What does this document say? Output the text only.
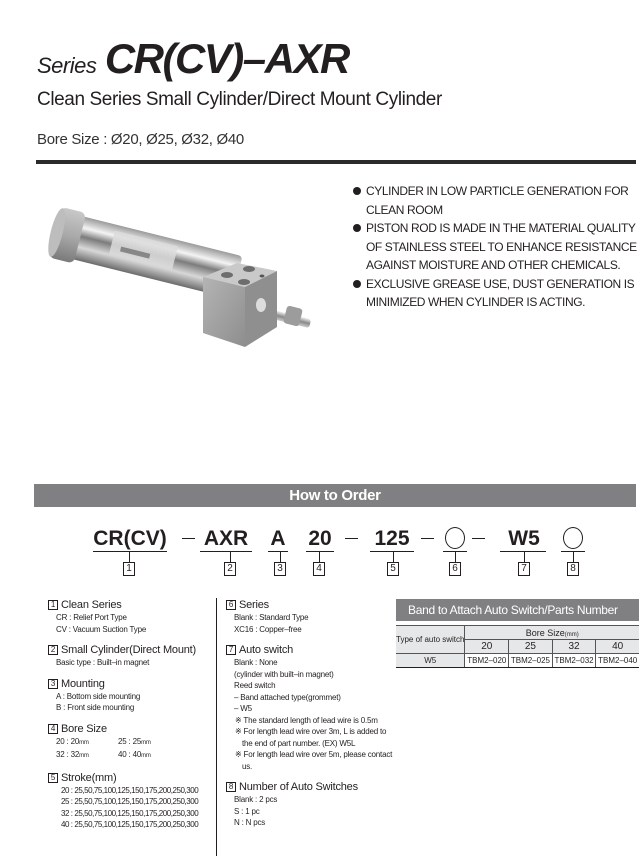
Series CR(CV)–AXR
Clean Series Small Cylinder/Direct Mount Cylinder
Bore Size : Ø20, Ø25, Ø32, Ø40
CYLINDER IN LOW PARTICLE GENERATION FOR CLEAN ROOM
PISTON ROD IS MADE IN THE MATERIAL QUALITY OF STAINLESS STEEL TO ENHANCE RESISTANCE AGAINST MOISTURE AND OTHER CHEMICALS.
EXCLUSIVE GREASE USE, DUST GENERATION IS MINIMIZED WHEN CYLINDER IS ACTING.
How to Order
CR(CV)
1
AXR
2
A
3
20
4
125
5	6
W5
7	8
1 Clean Series
CR : Relief Port Type
CV : Vacuum Suction Type
2 Small Cylinder(Direct Mount)
Basic type : Built–in magnet
3 Mounting
A : Bottom side mounting
B : Front side mounting
4 Bore Size
20 : 20mm	25 : 25mm
32 : 32mm	40 : 40mm
5 Stroke(mm)
20 : 25,50,75,100,125,150,175,200,250,300
25 : 25,50,75,100,125,150,175,200,250,300
32 : 25,50,75,100,125,150,175,200,250,300
40 : 25,50,75,100,125,150,175,200,250,300
6 Series
Blank : Standard Type
XC16 : Copper–free
7 Auto switch
Blank : None
(cylinder with built–in magnet)
Reed switch
– Band attached type(grommet)
– W5
※ The standard length of lead wire is 0.5m
※ For length lead wire over 3m, L is added to the end of part number. (EX) W5L
※ For length lead wire over 5m, please contact us.
8 Number of Auto Switches
Blank : 2 pcs
S : 1 pc
N : N pcs
Band to Attach Auto Switch/Parts Number
Type of auto switch	Bore Size(mm)			
	20	25	32	40
W5	TBM2–020	TBM2–025	TBM2–032	TBM2–040
